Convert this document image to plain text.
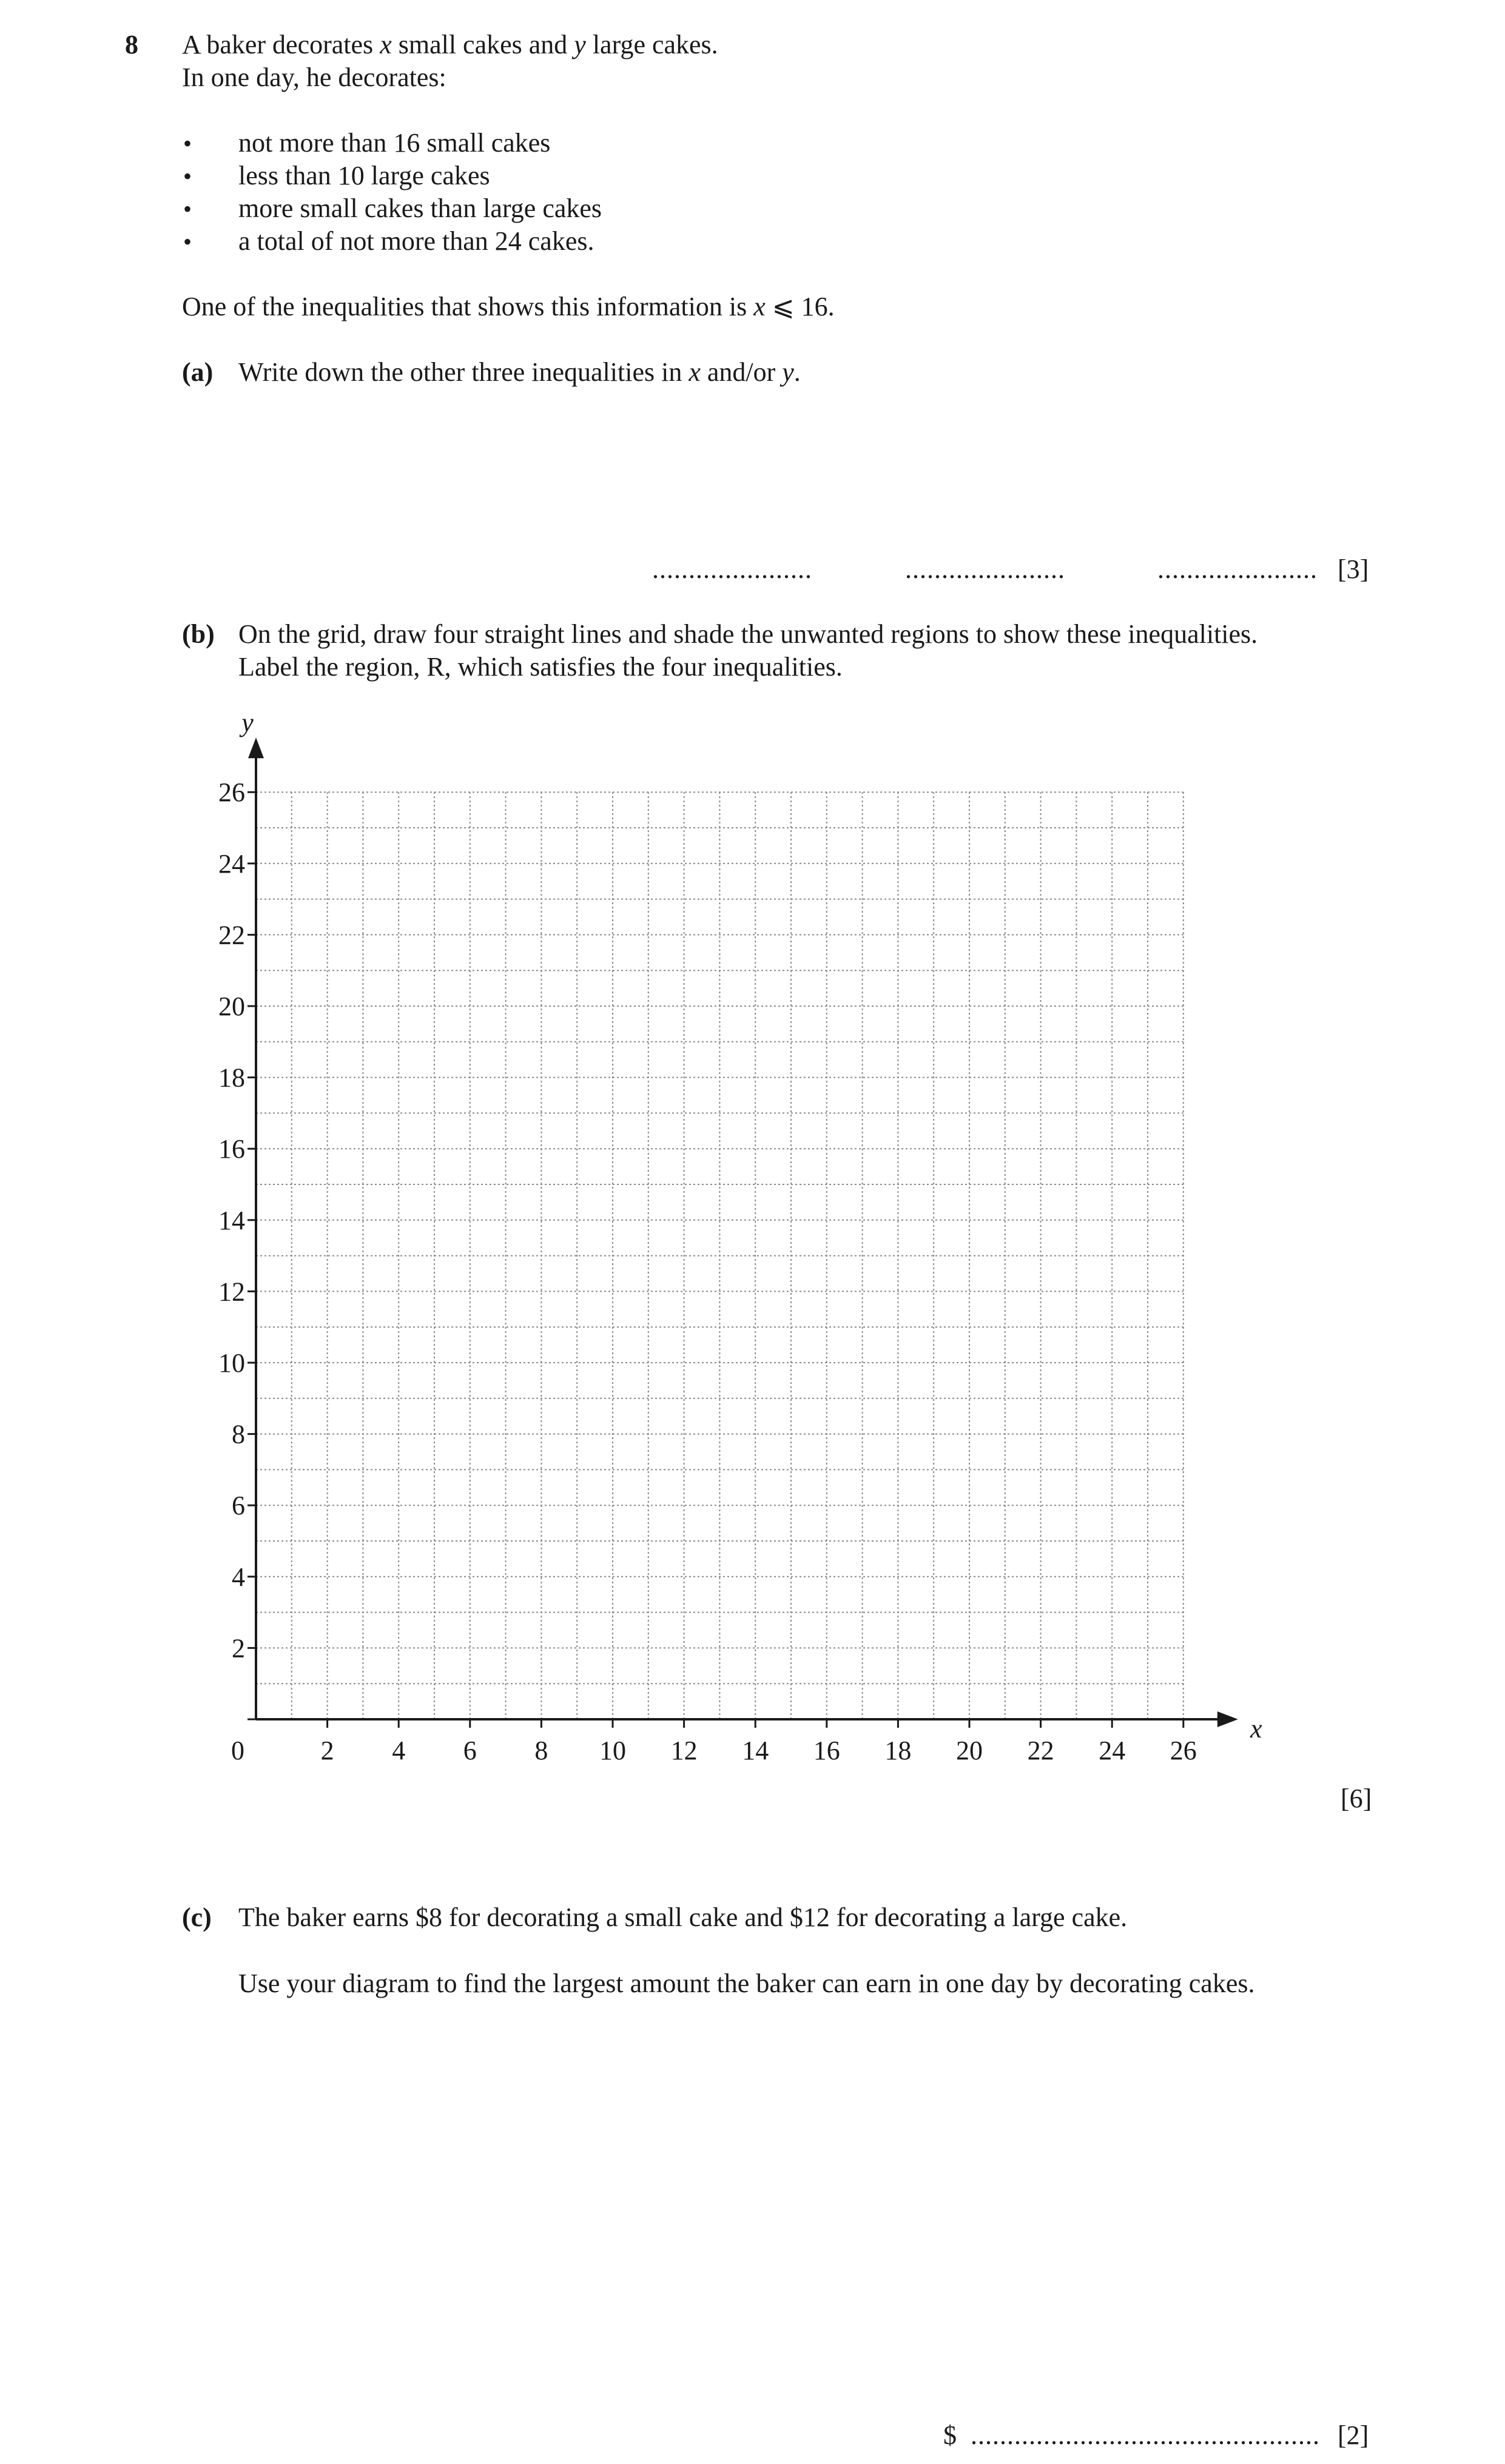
8 A baker decorates x small cakes and y large cakes.
In one day, he decorates:
• not more than 16 small cakes
• less than 10 large cakes
• more small cakes than large cakes
• a total of not more than 24 cakes.
One of the inequalities that shows this information is x ⩽ 16.
(a) Write down the other three inequalities in x and/or y.
......................	......................	...................... [3]
(b) On the grid, draw four straight lines and shade the unwanted regions to show these inequalities.
Label the region, R, which satisfies the four inequalities.
2 4 6 8 10 12 14 16 18 20 22 24 26
2
4
6
8
10
12
14
16
18
20
22
24
26
0
x
y
[6]
(c) The baker earns $8 for decorating a small cake and $12 for decorating a large cake.
Use your diagram to find the largest amount the baker can earn in one day by decorating cakes.
$ ................................................ [2]
